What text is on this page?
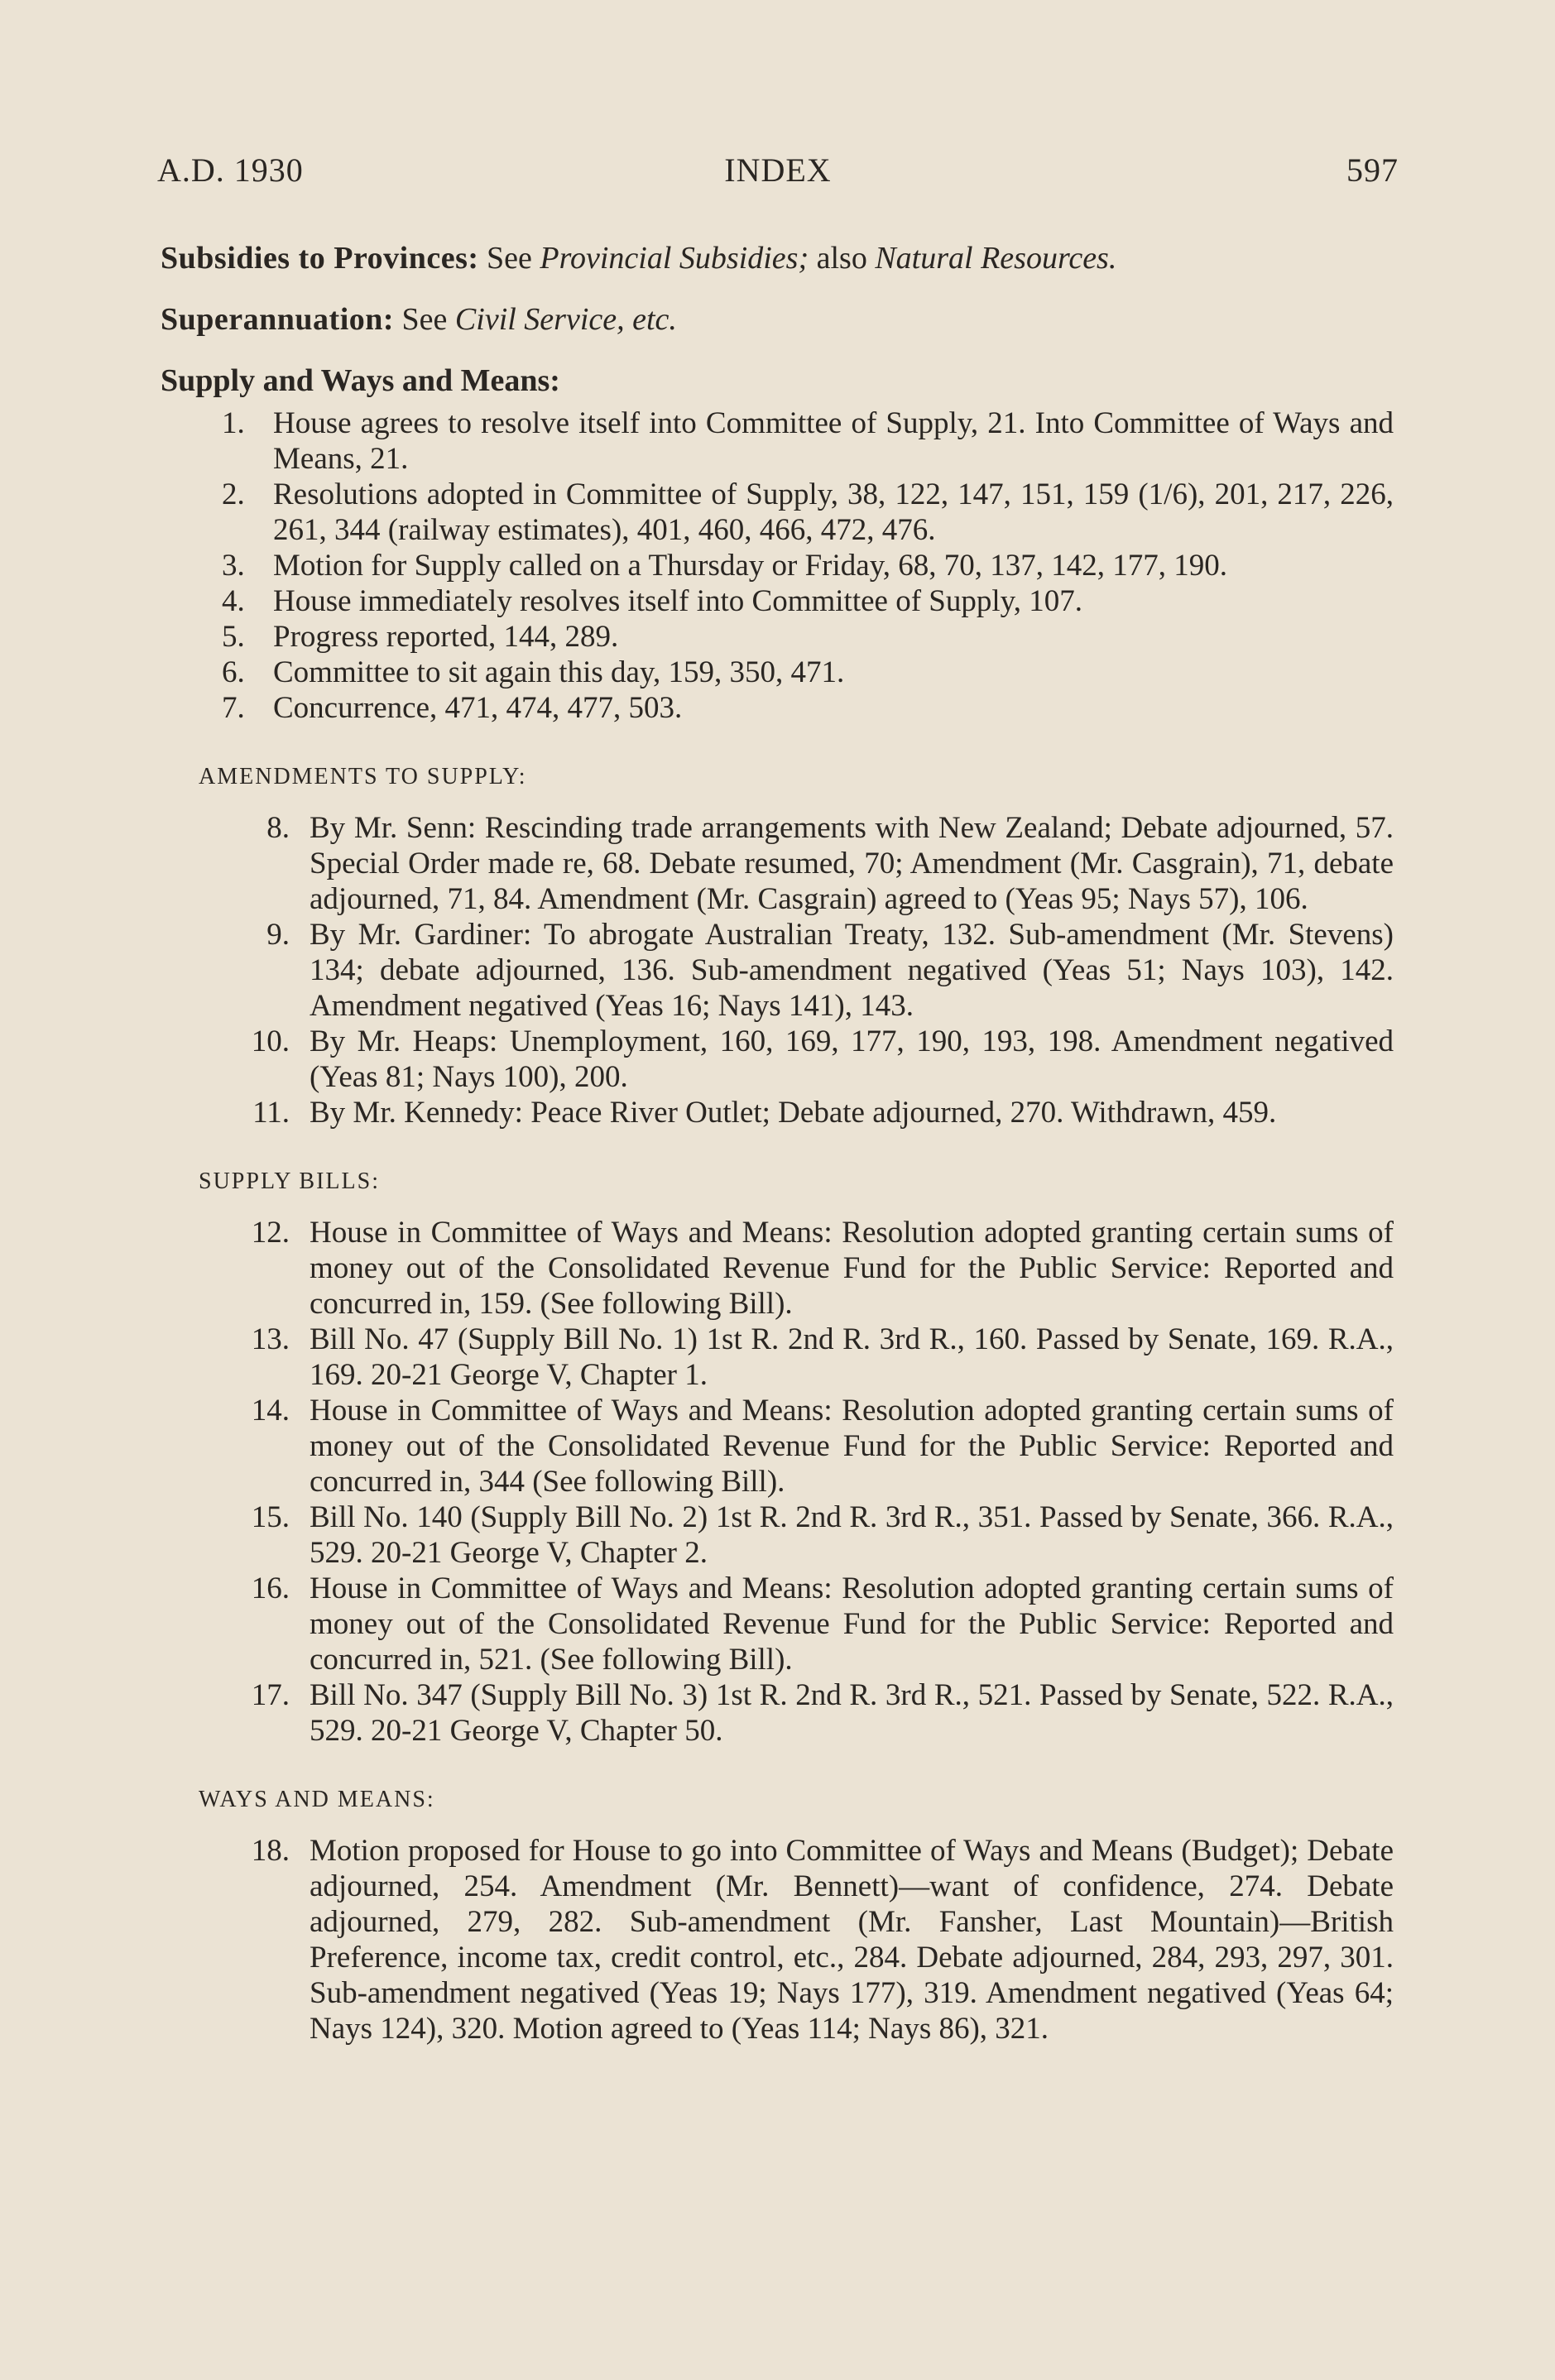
A.D. 1930	INDEX	597

Subsidies to Provinces: See Provincial Subsidies; also Natural Resources.

Superannuation: See Civil Service, etc.

Supply and Ways and Means:
1. House agrees to resolve itself into Committee of Supply, 21. Into Committee of Ways and Means, 21.
2. Resolutions adopted in Committee of Supply, 38, 122, 147, 151, 159 (1/6), 201, 217, 226, 261, 344 (railway estimates), 401, 460, 466, 472, 476.
3. Motion for Supply called on a Thursday or Friday, 68, 70, 137, 142, 177, 190.
4. House immediately resolves itself into Committee of Supply, 107.
5. Progress reported, 144, 289.
6. Committee to sit again this day, 159, 350, 471.
7. Concurrence, 471, 474, 477, 503.
AMENDMENTS TO SUPPLY:
8. By Mr. Senn: Rescinding trade arrangements with New Zealand; Debate adjourned, 57. Special Order made re, 68. Debate resumed, 70; Amendment (Mr. Casgrain), 71, debate adjourned, 71, 84. Amendment (Mr. Casgrain) agreed to (Yeas 95; Nays 57), 106.
9. By Mr. Gardiner: To abrogate Australian Treaty, 132. Sub-amendment (Mr. Stevens) 134; debate adjourned, 136. Sub-amendment negatived (Yeas 51; Nays 103), 142. Amendment negatived (Yeas 16; Nays 141), 143.
10. By Mr. Heaps: Unemployment, 160, 169, 177, 190, 193, 198. Amendment negatived (Yeas 81; Nays 100), 200.
11. By Mr. Kennedy: Peace River Outlet; Debate adjourned, 270. Withdrawn, 459.
SUPPLY BILLS:
12. House in Committee of Ways and Means: Resolution adopted granting certain sums of money out of the Consolidated Revenue Fund for the Public Service: Reported and concurred in, 159. (See following Bill).
13. Bill No. 47 (Supply Bill No. 1) 1st R. 2nd R. 3rd R., 160. Passed by Senate, 169. R.A., 169. 20-21 George V, Chapter 1.
14. House in Committee of Ways and Means: Resolution adopted granting certain sums of money out of the Consolidated Revenue Fund for the Public Service: Reported and concurred in, 344 (See following Bill).
15. Bill No. 140 (Supply Bill No. 2) 1st R. 2nd R. 3rd R., 351. Passed by Senate, 366. R.A., 529. 20-21 George V, Chapter 2.
16. House in Committee of Ways and Means: Resolution adopted granting certain sums of money out of the Consolidated Revenue Fund for the Public Service: Reported and concurred in, 521. (See following Bill).
17. Bill No. 347 (Supply Bill No. 3) 1st R. 2nd R. 3rd R., 521. Passed by Senate, 522. R.A., 529. 20-21 George V, Chapter 50.
WAYS AND MEANS:
18. Motion proposed for House to go into Committee of Ways and Means (Budget); Debate adjourned, 254. Amendment (Mr. Bennett)—want of confidence, 274. Debate adjourned, 279, 282. Sub-amendment (Mr. Fansher, Last Mountain)—British Preference, income tax, credit control, etc., 284. Debate adjourned, 284, 293, 297, 301. Sub-amendment negatived (Yeas 19; Nays 177), 319. Amendment negatived (Yeas 64; Nays 124), 320. Motion agreed to (Yeas 114; Nays 86), 321.
